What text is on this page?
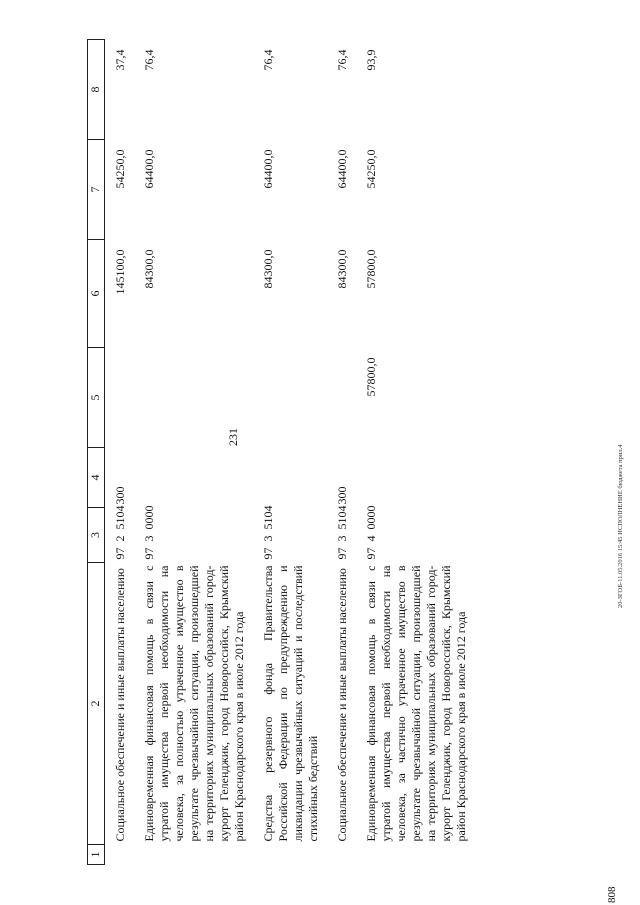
231
20-ЗГОБ-11.05.2016 15:45 ИСПОЛНЕНИЕ бюджета прил.4
808
1	2	3	4	5	6	7	8
	Социальное обеспечение и иные выплаты населению	9725104	300		145100,0	54250,0	37,4
	Единовременная финансовая помощь в связи с утратой имущества первой необходимости на человека, за полностью утраченное имущество в результате чрезвычайной ситуации, произошедшей на территориях муниципальных образований город-курорт Геленджик, город Новороссийск, Крымский район Краснодарского края в июле 2012 года	9730000			84300,0	64400,0	76,4
	Средства резервного фонда Правительства Российской Федерации по предупреждению и ликвидации чрезвычайных ситуаций и последствий стихийных бедствий	9735104			84300,0	64400,0	76,4
	Социальное обеспечение и иные выплаты населению	9735104	300		84300,0	64400,0	76,4
	Единовременная финансовая помощь в связи с утратой имущества первой необходимости на человека, за частично утраченное имущество в результате чрезвычайной ситуации, произошедшей на территориях муниципальных образований город-курорт Геленджик, город Новороссийск, Крымский район Краснодарского края в июле 2012 года	9740000		57800,0	57800,0	54250,0	93,9
